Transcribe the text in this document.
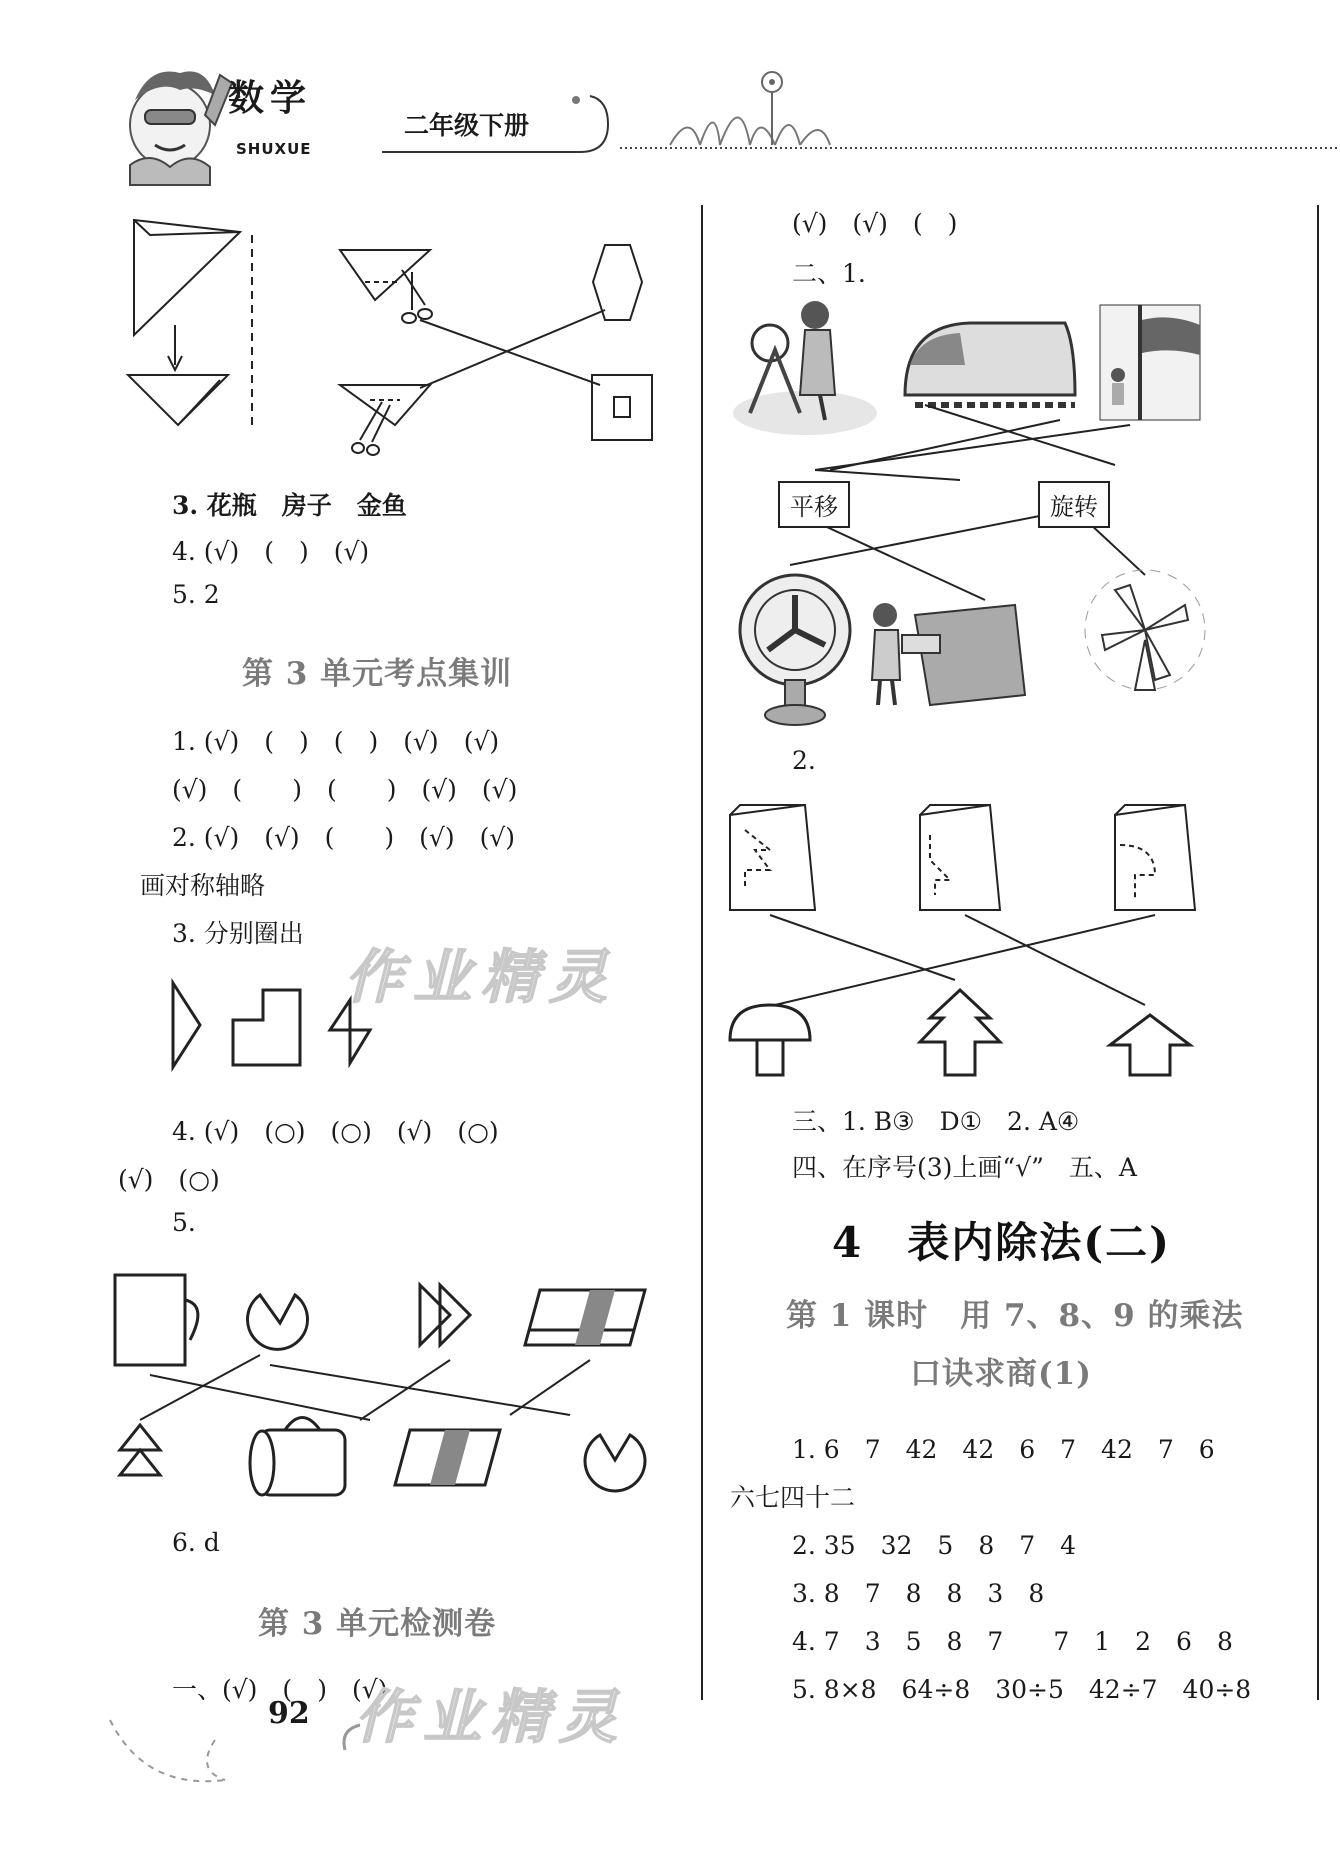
数学
SHUXUE
二年级下册
3. 花瓶　房子　金鱼
4. (√)　(　)　(√)
5. 2
第 3 单元考点集训
1. (√)　(　)　(　)　(√)　(√)
(√)　(　　)　(　　)　(√)　(√)
2. (√)　(√)　(　　)　(√)　(√)
画对称轴略
3. 分别圈出
4. (√)　(○)　(○)　(√)　(○)
(√)　(○)
5.
6. d
第 3 单元检测卷
一、(√)　(　)　(√)
(√)　(√)　(　)
二、1.
平移	旋转
2.
三、1. B③　D①　2. A④
四、在序号(3)上画“√”　五、A
4　表内除法(二)
第 1 课时　用 7、8、9 的乘法
口诀求商(1)
1. 6　7　42　42　6　7　42　7　6
六七四十二
2. 35　32　5　8　7　4
3. 8　7　8　8　3　8
4. 7　3　5　8　7　　7　1　2　6　8
5. 8×8　64÷8　30÷5　42÷7　40÷8
作业精灵
作业精灵
92
